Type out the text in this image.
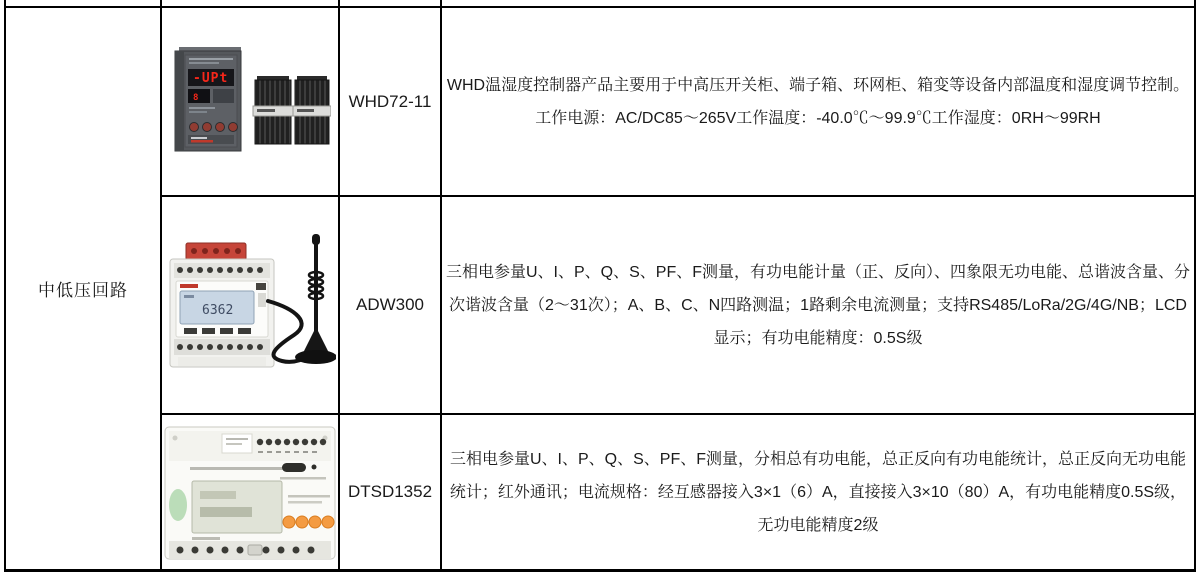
中低压回路
-UPt
8	WHD72-11
WHD温湿度控制器产品主要用于中高压开关柜、端子箱、环网柜、箱变等设备内部温度和湿度调节控制。工作电源：AC/DC85～265V工作温度：-40.0℃～99.9℃工作湿度：0RH～99RH
6362	ADW300
三相电参量U、I、P、Q、S、PF、F测量，有功电能计量（正、反向）、四象限无功电能、总谐波含量、分次谐波含量（2～31次）；A、B、C、N四路测温；1路剩余电流测量；支持RS485/LoRa/2G/4G/NB；LCD显示；有功电能精度：0.5S级
DTSD1352
三相电参量U、I、P、Q、S、PF、F测量，分相总有功电能，总正反向有功电能统计，总正反向无功电能统计；红外通讯；电流规格：经互感器接入3×1（6）A，直接接入3×10（80）A，有功电能精度0.5S级，无功电能精度2级
